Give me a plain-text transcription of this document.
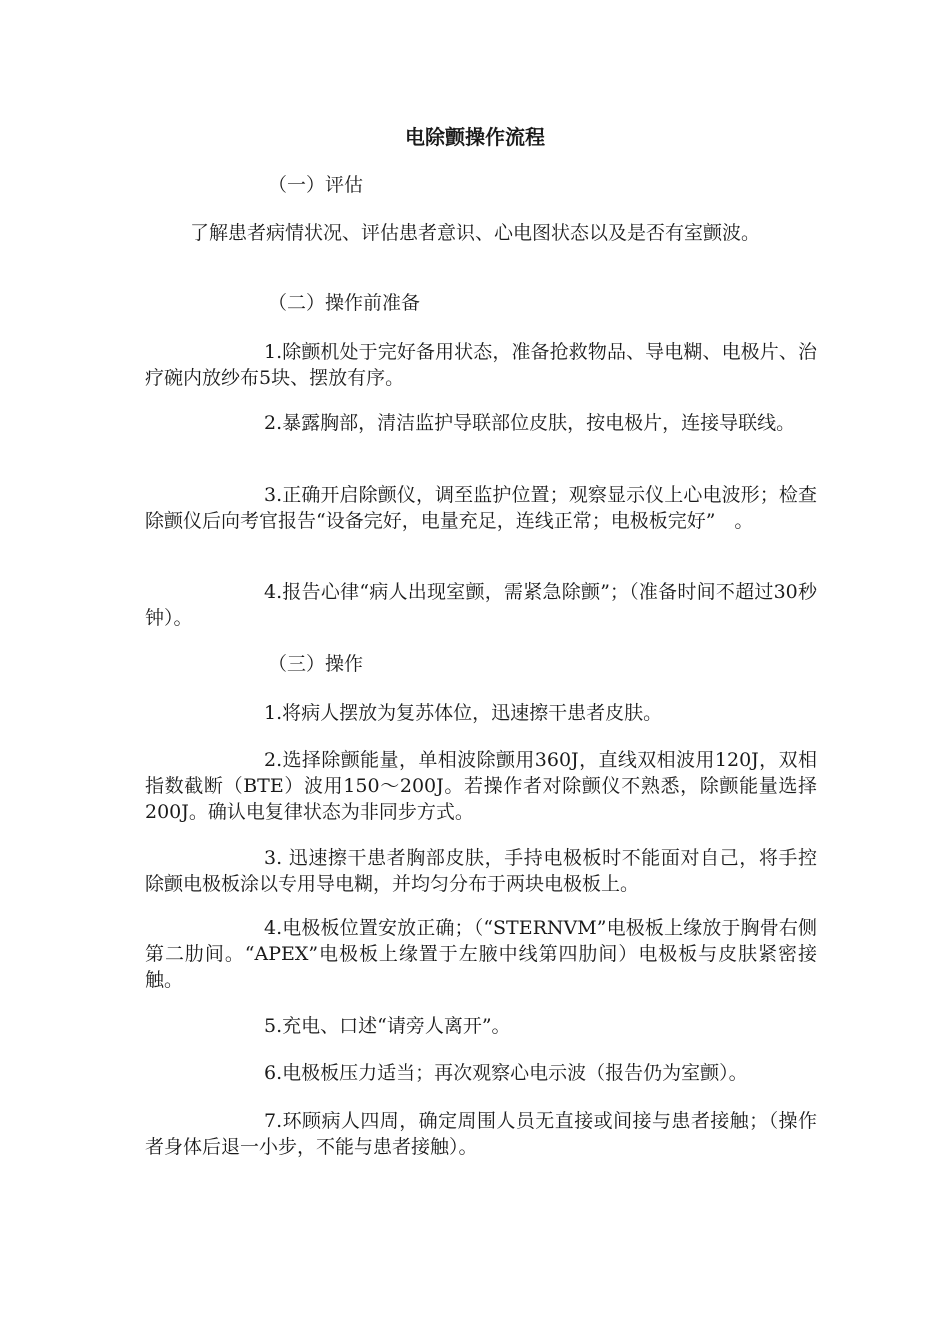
电除颤操作流程

（一）评估

了解患者病情状况、评估患者意识、心电图状态以及是否有室颤波。

（二）操作前准备

1.除颤机处于完好备用状态，准备抢救物品、导电糊、电极片、治疗碗内放纱布5块、摆放有序。

2.暴露胸部，清洁监护导联部位皮肤，按电极片，连接导联线。

3.正确开启除颤仪，调至监护位置；观察显示仪上心电波形；检查除颤仪后向考官报告“设备完好，电量充足，连线正常；电极板完好”　。

4.报告心律“病人出现室颤，需紧急除颤”；（准备时间不超过30秒钟）。

（三）操作

1.将病人摆放为复苏体位，迅速擦干患者皮肤。

2.选择除颤能量，单相波除颤用360J，直线双相波用120J，双相指数截断（BTE）波用150～200J。若操作者对除颤仪不熟悉，除颤能量选择200J。确认电复律状态为非同步方式。

3. 迅速擦干患者胸部皮肤，手持电极板时不能面对自己，将手控除颤电极板涂以专用导电糊，并均匀分布于两块电极板上。

4.电极板位置安放正确；（“STERNVM”电极板上缘放于胸骨右侧第二肋间。“APEX”电极板上缘置于左腋中线第四肋间）电极板与皮肤紧密接触。

5.充电、口述“请旁人离开”。

6.电极板压力适当；再次观察心电示波（报告仍为室颤）。

7.环顾病人四周，确定周围人员无直接或间接与患者接触；（操作者身体后退一小步，不能与患者接触）。
